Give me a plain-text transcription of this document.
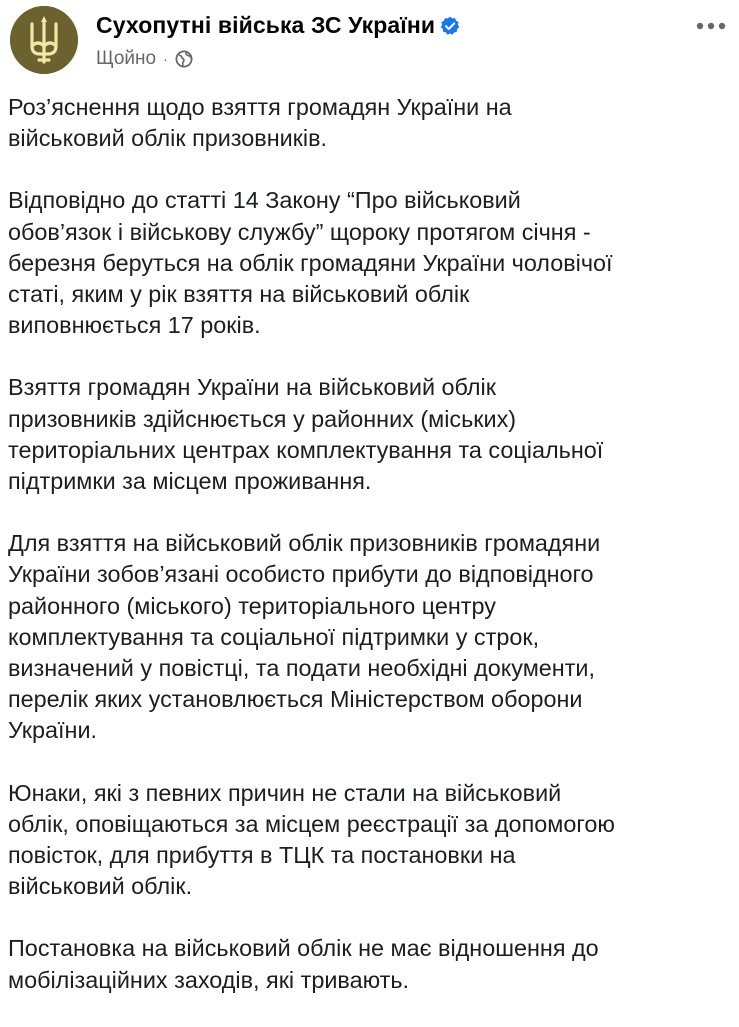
Сухопутні війська ЗС України
Щойно ·

Роз’яснення щодо взяття громадян України на
військовий облік призовників.

Відповідно до статті 14 Закону “Про військовий
обов’язок і військову службу” щороку протягом січня -
березня беруться на облік громадяни України чоловічої
статі, яким у рік взяття на військовий облік
виповнюється 17 років.

Взяття громадян України на військовий облік
призовників здійснюється у районних (міських)
територіальних центрах комплектування та соціальної
підтримки за місцем проживання.

Для взяття на військовий облік призовників громадяни
України зобов’язані особисто прибути до відповідного
районного (міського) територіального центру
комплектування та соціальної підтримки у строк,
визначений у повістці, та подати необхідні документи,
перелік яких установлюється Міністерством оборони
України.

Юнаки, які з певних причин не стали на військовий
облік, оповіщаються за місцем реєстрації за допомогою
повісток, для прибуття в ТЦК та постановки на
військовий облік.

Постановка на військовий облік не має відношення до
мобілізаційних заходів, які тривають.
